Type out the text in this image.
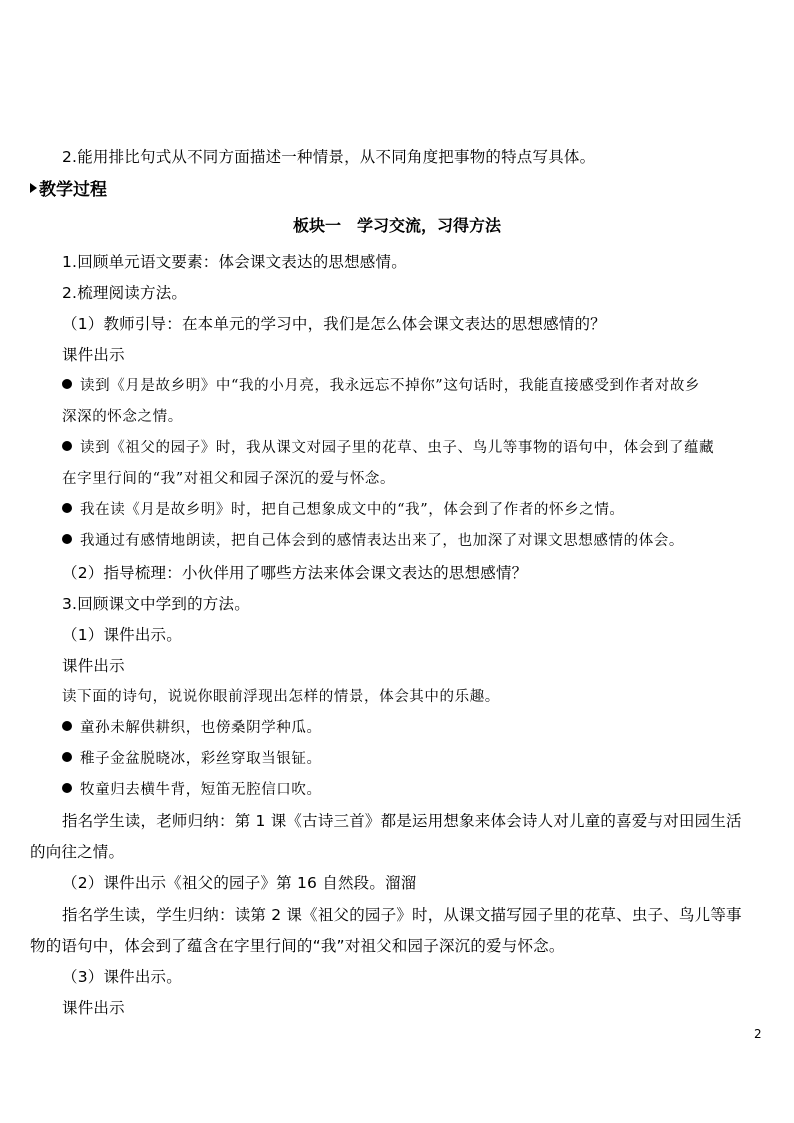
2.能用排比句式从不同方面描述一种情景，从不同角度把事物的特点写具体。
教学过程
板块一　学习交流，习得方法
1.回顾单元语文要素：体会课文表达的思想感情。
2.梳理阅读方法。
（1）教师引导：在本单元的学习中，我们是怎么体会课文表达的思想感情的？
课件出示
读到《月是故乡明》中“我的小月亮，我永远忘不掉你”这句话时，我能直接感受到作者对故乡
深深的怀念之情。
读到《祖父的园子》时，我从课文对园子里的花草、虫子、鸟儿等事物的语句中，体会到了蕴藏
在字里行间的“我”对祖父和园子深沉的爱与怀念。
我在读《月是故乡明》时，把自己想象成文中的“我”，体会到了作者的怀乡之情。
我通过有感情地朗读，把自己体会到的感情表达出来了，也加深了对课文思想感情的体会。
（2）指导梳理：小伙伴用了哪些方法来体会课文表达的思想感情？
3.回顾课文中学到的方法。
（1）课件出示。
课件出示
读下面的诗句，说说你眼前浮现出怎样的情景，体会其中的乐趣。
童孙未解供耕织，也傍桑阴学种瓜。
稚子金盆脱晓冰，彩丝穿取当银钲。
牧童归去横牛背，短笛无腔信口吹。
指名学生读，老师归纳：第 1 课《古诗三首》都是运用想象来体会诗人对儿童的喜爱与对田园生活
的向往之情。
（2）课件出示《祖父的园子》第 16 自然段。溜溜
指名学生读，学生归纳：读第 2 课《祖父的园子》时，从课文描写园子里的花草、虫子、鸟儿等事
物的语句中，体会到了蕴含在字里行间的“我”对祖父和园子深沉的爱与怀念。
（3）课件出示。
课件出示
2
